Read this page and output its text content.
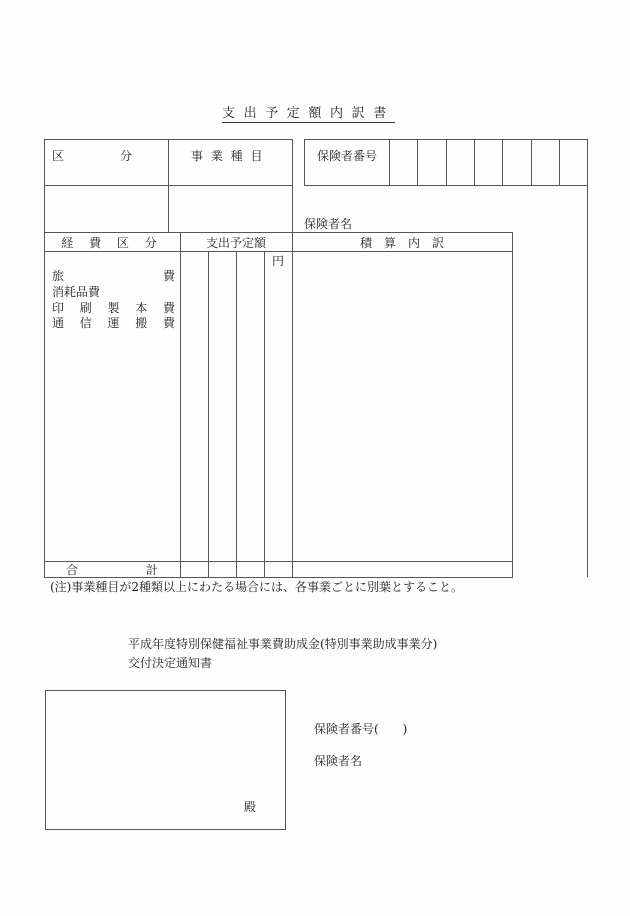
支出予定額内訳書
区	分	事 業 種 目	保険者番号
保険者名
経 費 区 分	支出予定額	積　算　内　訳
円
旅	費
消耗品費
印 刷 製 本 費
通 信 運 搬 費
合	計
(注)事業種目が2種類以上にわたる場合には、各事業ごとに別葉とすること。
平成年度特別保健福祉事業費助成金(特別事業助成事業分)
交付決定通知書
殿
保険者番号(　　)
保険者名
